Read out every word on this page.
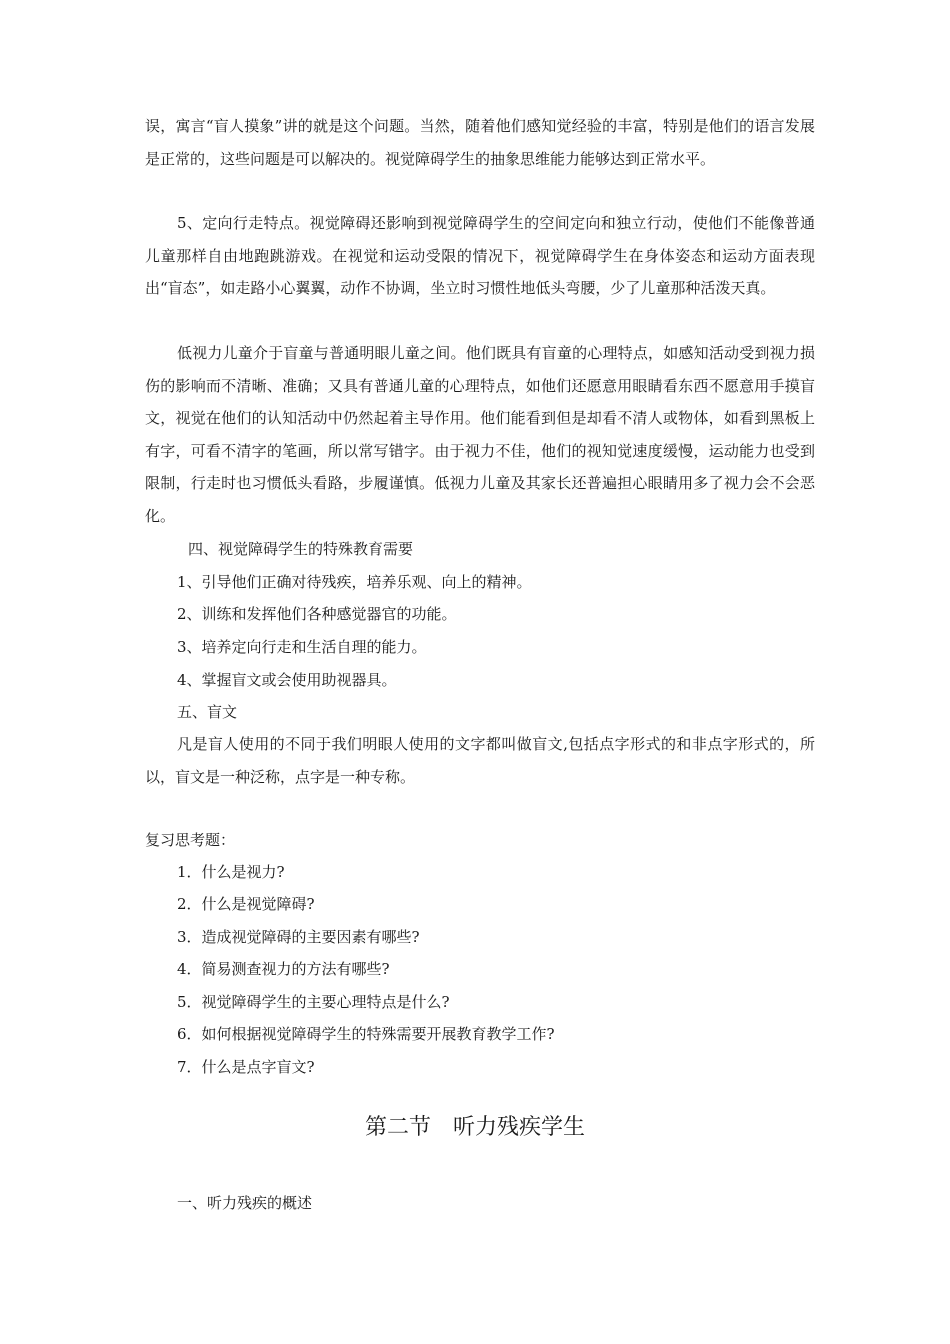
误，寓言“盲人摸象”讲的就是这个问题。当然，随着他们感知觉经验的丰富，特别是他们的语言发展是正常的，这些问题是可以解决的。视觉障碍学生的抽象思维能力能够达到正常水平。

5、定向行走特点。视觉障碍还影响到视觉障碍学生的空间定向和独立行动，使他们不能像普通儿童那样自由地跑跳游戏。在视觉和运动受限的情况下，视觉障碍学生在身体姿态和运动方面表现出“盲态”，如走路小心翼翼，动作不协调，坐立时习惯性地低头弯腰，少了儿童那种活泼天真。

低视力儿童介于盲童与普通明眼儿童之间。他们既具有盲童的心理特点，如感知活动受到视力损伤的影响而不清晰、准确；又具有普通儿童的心理特点，如他们还愿意用眼睛看东西不愿意用手摸盲文，视觉在他们的认知活动中仍然起着主导作用。他们能看到但是却看不清人或物体，如看到黑板上有字，可看不清字的笔画，所以常写错字。由于视力不佳，他们的视知觉速度缓慢，运动能力也受到限制，行走时也习惯低头看路，步履谨慎。低视力儿童及其家长还普遍担心眼睛用多了视力会不会恶化。

四、视觉障碍学生的特殊教育需要

1、引导他们正确对待残疾，培养乐观、向上的精神。

2、训练和发挥他们各种感觉器官的功能。

3、培养定向行走和生活自理的能力。

4、掌握盲文或会使用助视器具。

五、盲文

凡是盲人使用的不同于我们明眼人使用的文字都叫做盲文,包括点字形式的和非点字形式的，所以，盲文是一种泛称，点字是一种专称。

复习思考题：

1．什么是视力?

2．什么是视觉障碍?

3．造成视觉障碍的主要因素有哪些?

4．简易测查视力的方法有哪些?

5．视觉障碍学生的主要心理特点是什么?

6．如何根据视觉障碍学生的特殊需要开展教育教学工作?

7．什么是点字盲文?

第二节 听力残疾学生

一、听力残疾的概述
